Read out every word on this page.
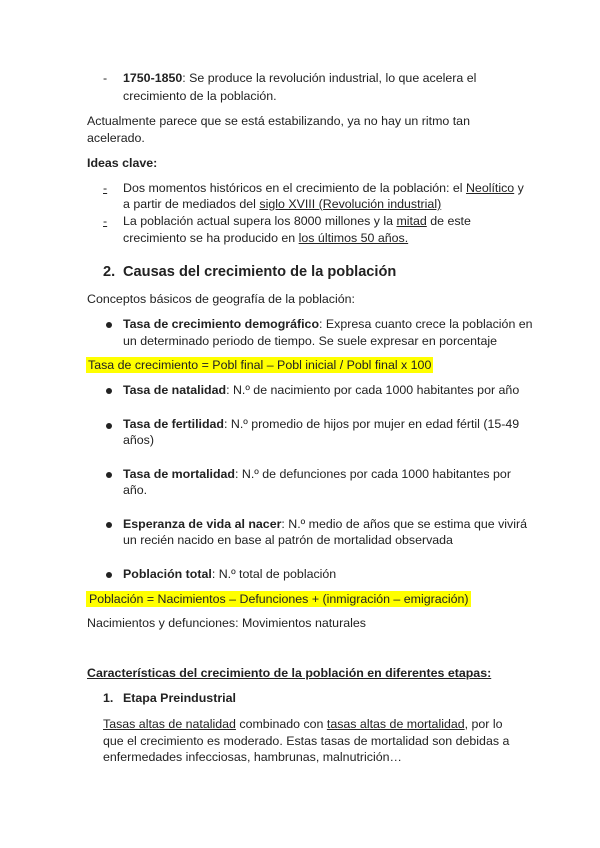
- 1750-1850: Se produce la revolución industrial, lo que acelera el
crecimiento de la población.
Actualmente parece que se está estabilizando, ya no hay un ritmo tan
acelerado.
Ideas clave:
-	Dos momentos históricos en el crecimiento de la población: el Neolítico y
a partir de mediados del siglo XVIII (Revolución industrial)
-	La población actual supera los 8000 millones y la mitad de este
crecimiento se ha producido en los últimos 50 años.
2. Causas del crecimiento de la población
Conceptos básicos de geografía de la población:
Tasa de crecimiento demográfico: Expresa cuanto crece la población en
un determinado periodo de tiempo. Se suele expresar en porcentaje
Tasa de crecimiento = Pobl final – Pobl inicial / Pobl final x 100
Tasa de natalidad: N.º de nacimiento por cada 1000 habitantes por año
Tasa de fertilidad: N.º promedio de hijos por mujer en edad fértil (15-49
años)
Tasa de mortalidad: N.º de defunciones por cada 1000 habitantes por
año.
Esperanza de vida al nacer: N.º medio de años que se estima que vivirá
un recién nacido en base al patrón de mortalidad observada
Población total: N.º total de población
Población = Nacimientos – Defunciones + (inmigración – emigración)
Nacimientos y defunciones: Movimientos naturales
Características del crecimiento de la población en diferentes etapas:
1. Etapa Preindustrial
Tasas altas de natalidad combinado con tasas altas de mortalidad, por lo
que el crecimiento es moderado. Estas tasas de mortalidad son debidas a
enfermedades infecciosas, hambrunas, malnutrición…
